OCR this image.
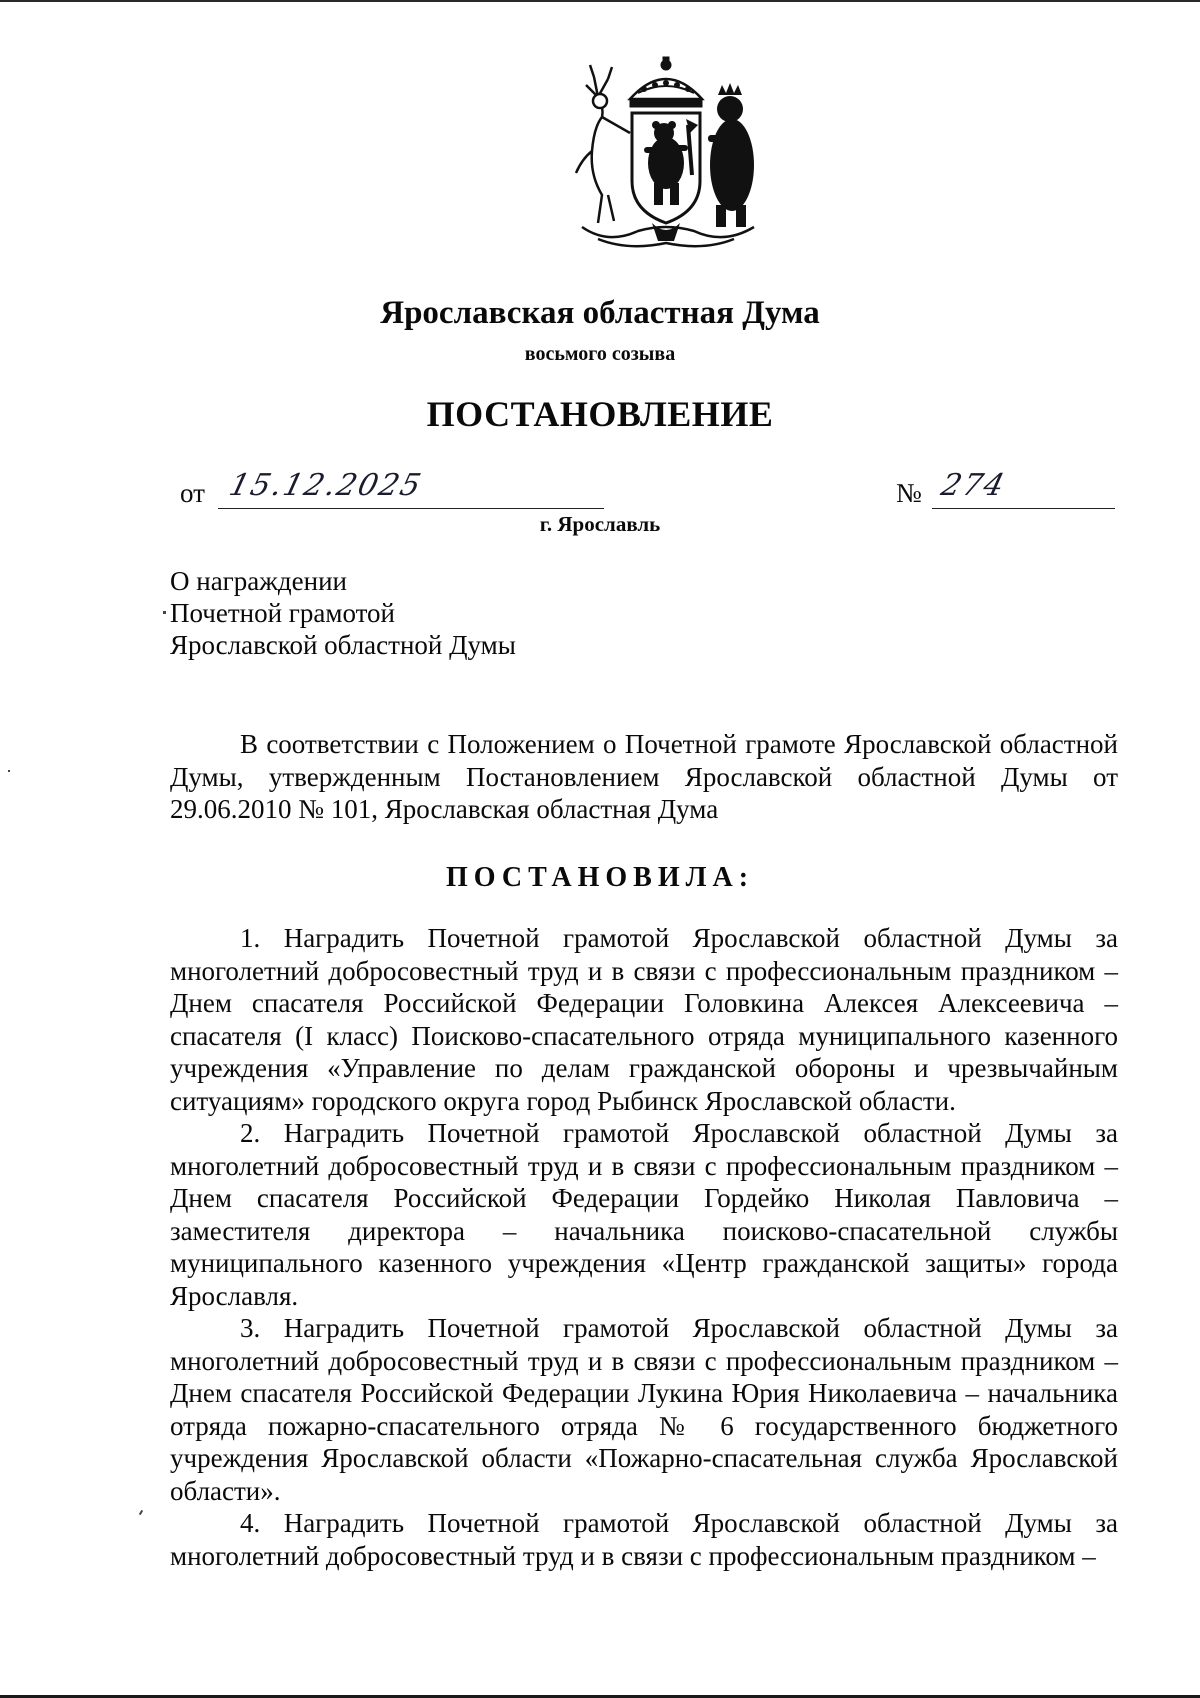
Ярославская областная Дума
восьмого созыва
ПОСТАНОВЛЕНИЕ
от 15.12.2025	№ 274
г. Ярославль
О награждении
Почетной грамотой
Ярославской областной Думы

В соответствии с Положением о Почетной грамоте Ярославской областной Думы, утвержденным Постановлением Ярославской областной Думы от 29.06.2010 № 101, Ярославская областная Дума

ПОСТАНОВИЛА:

1. Наградить Почетной грамотой Ярославской областной Думы за многолетний добросовестный труд и в связи с профессиональным праздником – Днем спасателя Российской Федерации Головкина Алексея Алексеевича – спасателя (I класс) Поисково-спасательного отряда муниципального казенного учреждения «Управление по делам гражданской обороны и чрезвычайным ситуациям» городского округа город Рыбинск Ярославской области.

2. Наградить Почетной грамотой Ярославской областной Думы за многолетний добросовестный труд и в связи с профессиональным праздником – Днем спасателя Российской Федерации Гордейко Николая Павловича – заместителя директора – начальника поисково-спасательной службы муниципального казенного учреждения «Центр гражданской защиты» города Ярославля.

3. Наградить Почетной грамотой Ярославской областной Думы за многолетний добросовестный труд и в связи с профессиональным праздником – Днем спасателя Российской Федерации Лукина Юрия Николаевича – начальника отряда пожарно-спасательного отряда № 6 государственного бюджетного учреждения Ярославской области «Пожарно-спасательная служба Ярославской области».

4. Наградить Почетной грамотой Ярославской областной Думы за многолетний добросовестный труд и в связи с профессиональным праздником –
